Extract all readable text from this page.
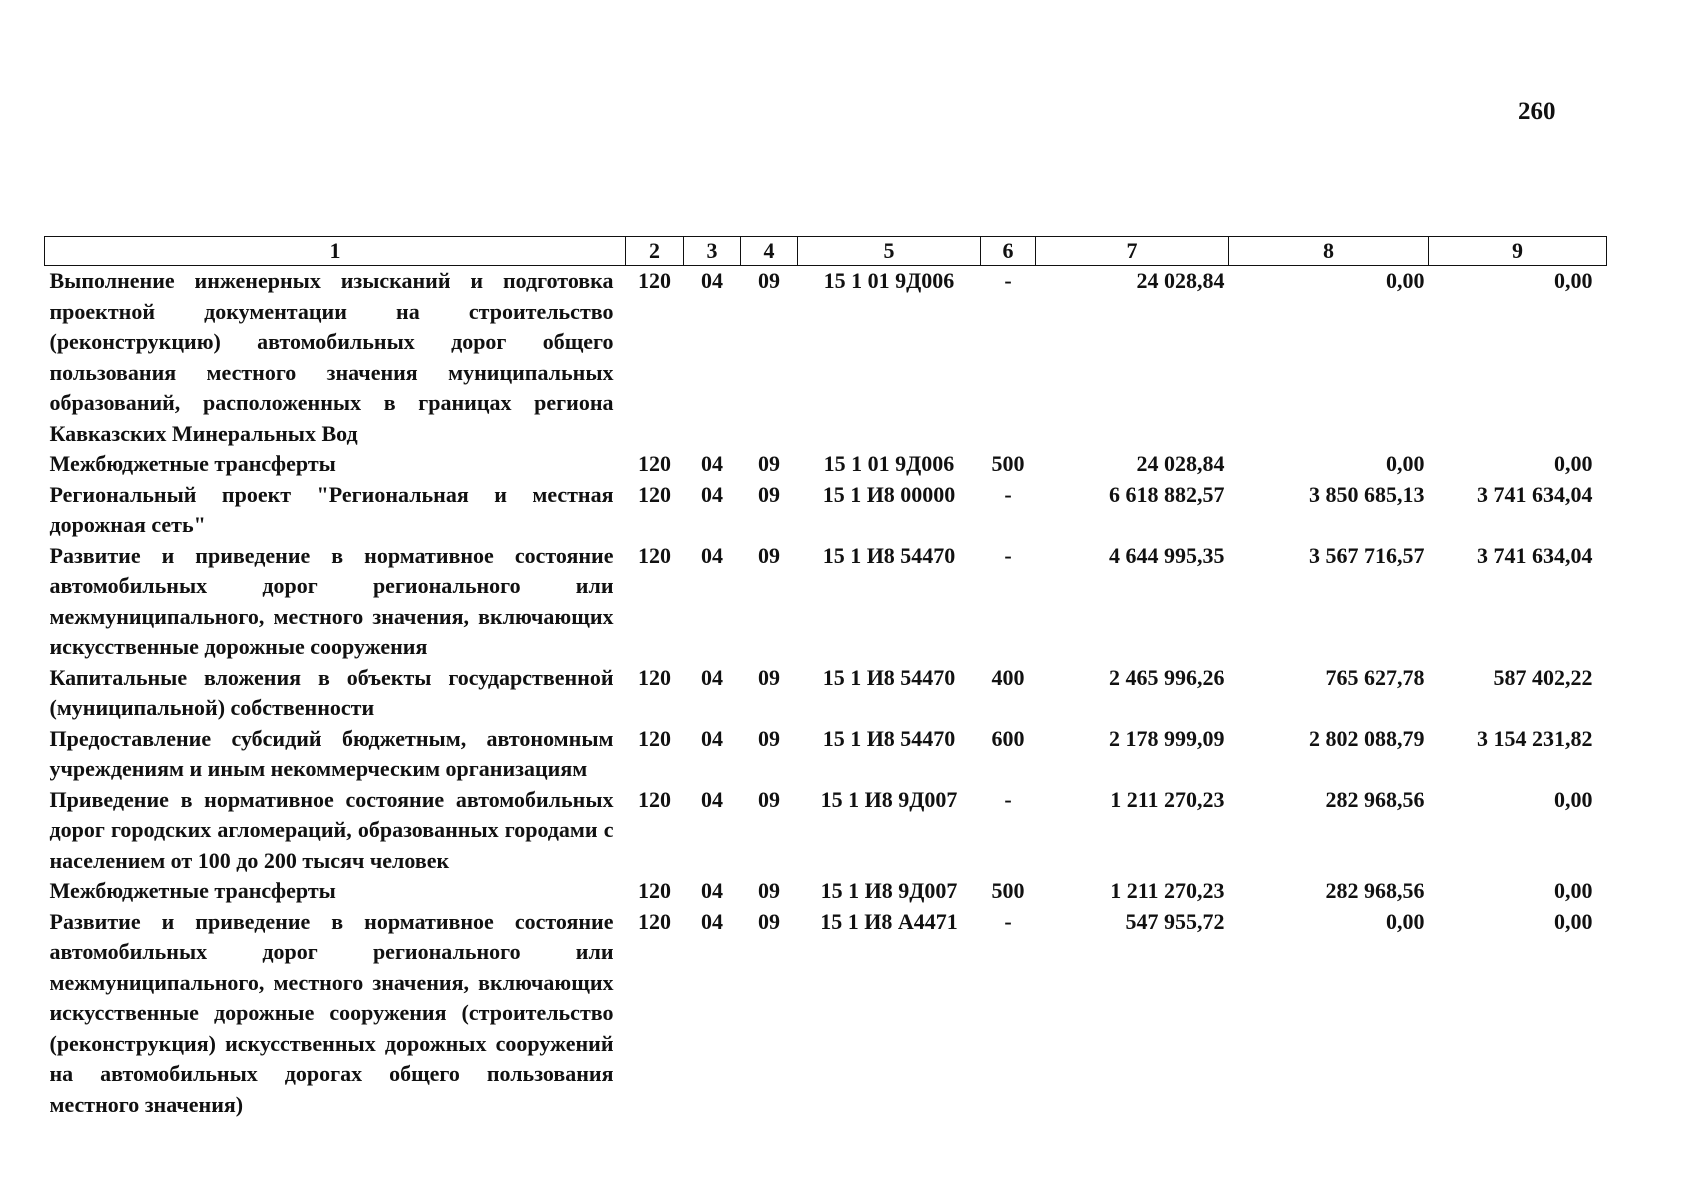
260
1	2	3	4	5	6	7	8	9
Выполнение инженерных изысканий и подготовка проектной документации на строительство (реконструкцию) автомобильных дорог общего пользования местного значения муниципальных образований, расположенных в границах региона Кавказских Минеральных Вод	120	04	09	15 1 01 9Д006	-	24 028,84	0,00	0,00
Межбюджетные трансферты	120	04	09	15 1 01 9Д006	500	24 028,84	0,00	0,00
Региональный проект "Региональная и местная дорожная сеть"	120	04	09	15 1 И8 00000	-	6 618 882,57	3 850 685,13	3 741 634,04
Развитие и приведение в нормативное состояние автомобильных дорог регионального или межмуниципального, местного значения, включающих искусственные дорожные сооружения	120	04	09	15 1 И8 54470	-	4 644 995,35	3 567 716,57	3 741 634,04
Капитальные вложения в объекты государственной (муниципальной) собственности	120	04	09	15 1 И8 54470	400	2 465 996,26	765 627,78	587 402,22
Предоставление субсидий бюджетным, автономным учреждениям и иным некоммерческим организациям	120	04	09	15 1 И8 54470	600	2 178 999,09	2 802 088,79	3 154 231,82
Приведение в нормативное состояние автомобильных дорог городских агломераций, образованных городами с населением от 100 до 200 тысяч человек	120	04	09	15 1 И8 9Д007	-	1 211 270,23	282 968,56	0,00
Межбюджетные трансферты	120	04	09	15 1 И8 9Д007	500	1 211 270,23	282 968,56	0,00
Развитие и приведение в нормативное состояние автомобильных дорог регионального или межмуниципального, местного значения, включающих искусственные дорожные сооружения (строительство (реконструкция) искусственных дорожных сооружений на автомобильных дорогах общего пользования местного значения)	120	04	09	15 1 И8 А4471	-	547 955,72	0,00	0,00
